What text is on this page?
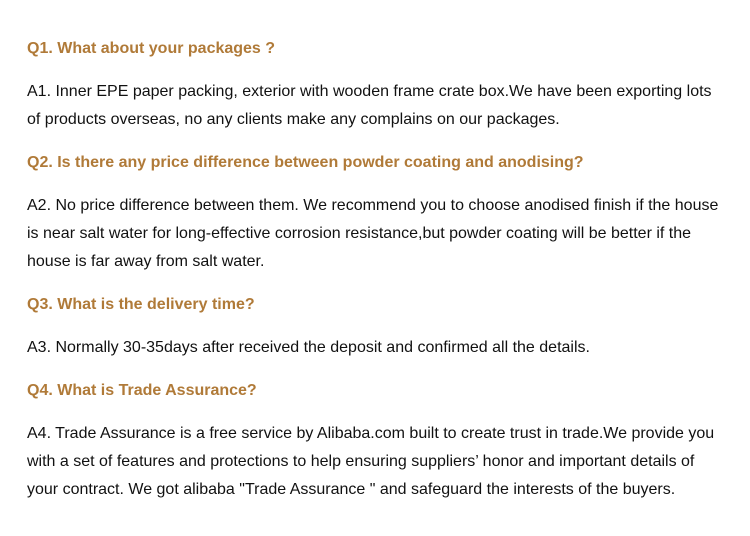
Q1. What about your packages ?

A1. Inner EPE paper packing, exterior with wooden frame crate box.We have been exporting lots
of products overseas, no any clients make any complains on our packages.

Q2. Is there any price difference between powder coating and anodising?

A2. No price difference between them. We recommend you to choose anodised finish if the house
is near salt water for long-effective corrosion resistance,but powder coating will be better if the
house is far away from salt water.

Q3. What is the delivery time?

A3. Normally 30-35days after received the deposit and confirmed all the details.

Q4. What is Trade Assurance?

A4. Trade Assurance is a free service by Alibaba.com built to create trust in trade.We provide you
with a set of features and protections to help ensuring suppliers’ honor and important details of
your contract. We got alibaba "Trade Assurance " and safeguard the interests of the buyers.
